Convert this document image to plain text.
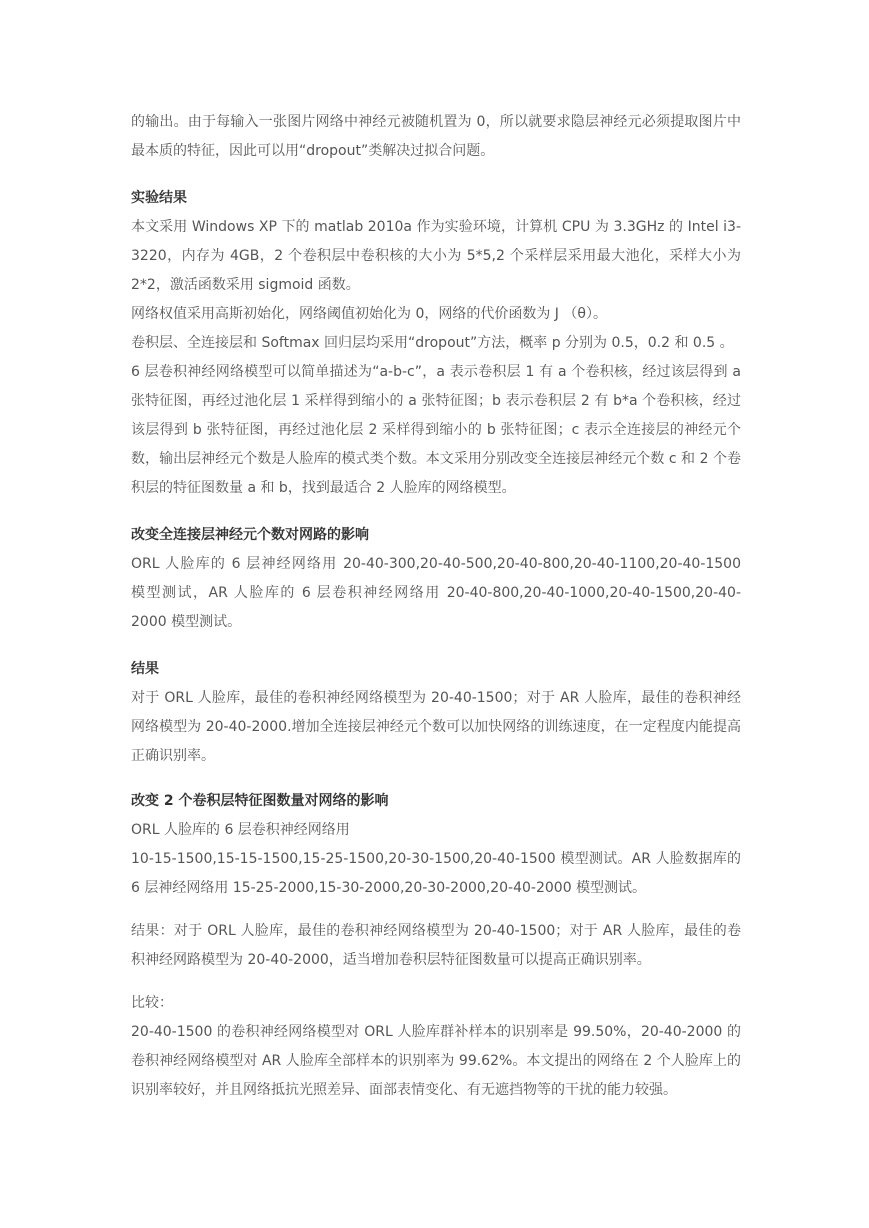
的输出。由于每输入一张图片网络中神经元被随机置为 0，所以就要求隐层神经元必须提取图片中最本质的特征，因此可以用“dropout”类解决过拟合问题。

实验结果

本文采用 Windows XP 下的 matlab 2010a 作为实验环境，计算机 CPU 为 3.3GHz 的 Intel i3-3220，内存为 4GB，2 个卷积层中卷积核的大小为 5*5,2 个采样层采用最大池化，采样大小为 2*2，激活函数采用 sigmoid 函数。

网络权值采用高斯初始化，网络阈值初始化为 0，网络的代价函数为 J （θ）。

卷积层、全连接层和 Softmax 回归层均采用“dropout”方法，概率 p 分别为 0.5，0.2 和 0.5 。

6 层卷积神经网络模型可以简单描述为“a-b-c”，a 表示卷积层 1 有 a 个卷积核，经过该层得到 a 张特征图，再经过池化层 1 采样得到缩小的 a 张特征图；b 表示卷积层 2 有 b*a 个卷积核，经过该层得到 b 张特征图，再经过池化层 2 采样得到缩小的 b 张特征图；c 表示全连接层的神经元个数，输出层神经元个数是人脸库的模式类个数。本文采用分别改变全连接层神经元个数 c 和 2 个卷积层的特征图数量 a 和 b，找到最适合 2 人脸库的网络模型。

改变全连接层神经元个数对网路的影响

ORL 人脸库的 6 层神经网络用 20-40-300,20-40-500,20-40-800,20-40-1100,20-40-1500 模型测试，AR 人脸库的 6 层卷积神经网络用 20-40-800,20-40-1000,20-40-1500,20-40-2000 模型测试。

结果

对于 ORL 人脸库，最佳的卷积神经网络模型为 20-40-1500；对于 AR 人脸库，最佳的卷积神经网络模型为 20-40-2000.增加全连接层神经元个数可以加快网络的训练速度，在一定程度内能提高正确识别率。

改变 2 个卷积层特征图数量对网络的影响

ORL 人脸库的 6 层卷积神经网络用

10-15-1500,15-15-1500,15-25-1500,20-30-1500,20-40-1500 模型测试。AR 人脸数据库的 6 层神经网络用 15-25-2000,15-30-2000,20-30-2000,20-40-2000 模型测试。

结果：对于 ORL 人脸库，最佳的卷积神经网络模型为 20-40-1500；对于 AR 人脸库，最佳的卷积神经网路模型为 20-40-2000，适当增加卷积层特征图数量可以提高正确识别率。

比较：

20-40-1500 的卷积神经网络模型对 ORL 人脸库群补样本的识别率是 99.50%，20-40-2000 的卷积神经网络模型对 AR 人脸库全部样本的识别率为 99.62%。本文提出的网络在 2 个人脸库上的识别率较好，并且网络抵抗光照差异、面部表情变化、有无遮挡物等的干扰的能力较强。
